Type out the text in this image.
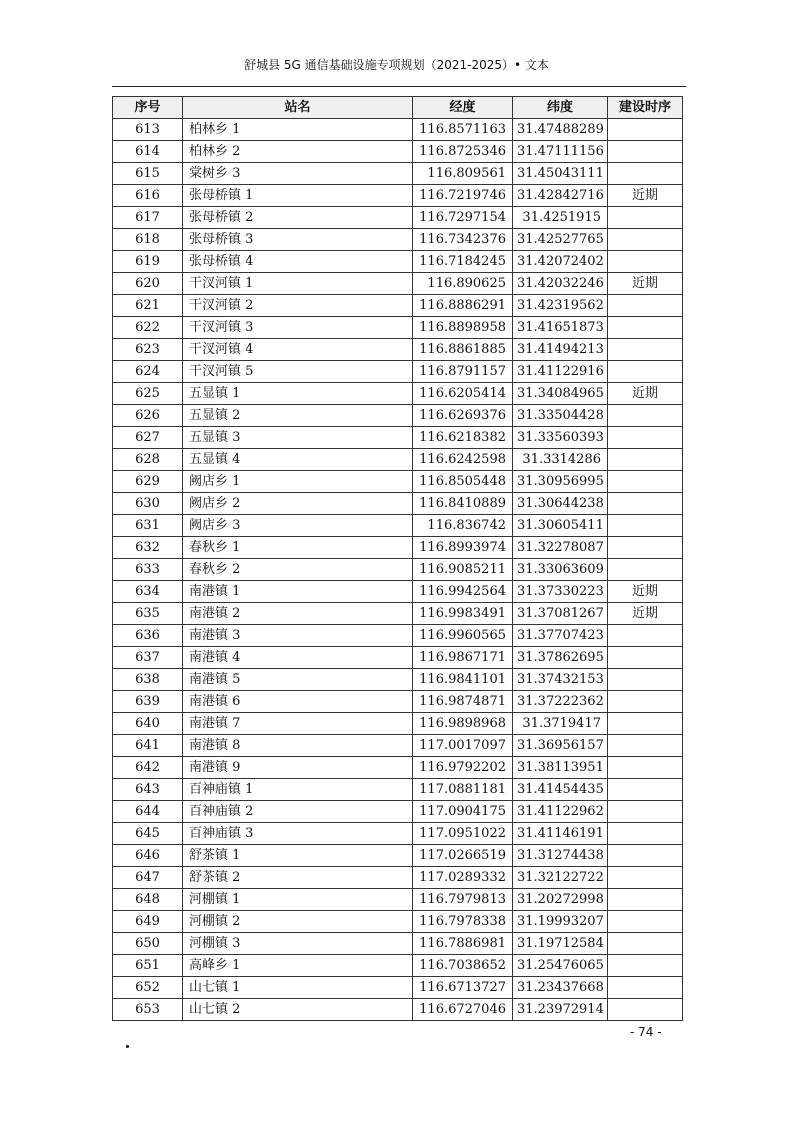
舒城县 5G 通信基础设施专项规划（2021-2025）• 文本
序号	站名	经度	纬度	建设时序
613	柏林乡 1	116.8571163	31.47488289	
614	柏林乡 2	116.8725346	31.47111156	
615	棠树乡 3	116.809561	31.45043111	
616	张母桥镇 1	116.7219746	31.42842716	近期
617	张母桥镇 2	116.7297154	31.4251915	
618	张母桥镇 3	116.7342376	31.42527765	
619	张母桥镇 4	116.7184245	31.42072402	
620	干汊河镇 1	116.890625	31.42032246	近期
621	干汊河镇 2	116.8886291	31.42319562	
622	干汊河镇 3	116.8898958	31.41651873	
623	干汊河镇 4	116.8861885	31.41494213	
624	干汊河镇 5	116.8791157	31.41122916	
625	五显镇 1	116.6205414	31.34084965	近期
626	五显镇 2	116.6269376	31.33504428	
627	五显镇 3	116.6218382	31.33560393	
628	五显镇 4	116.6242598	31.3314286	
629	阙店乡 1	116.8505448	31.30956995	
630	阙店乡 2	116.8410889	31.30644238	
631	阙店乡 3	116.836742	31.30605411	
632	春秋乡 1	116.8993974	31.32278087	
633	春秋乡 2	116.9085211	31.33063609	
634	南港镇 1	116.9942564	31.37330223	近期
635	南港镇 2	116.9983491	31.37081267	近期
636	南港镇 3	116.9960565	31.37707423	
637	南港镇 4	116.9867171	31.37862695	
638	南港镇 5	116.9841101	31.37432153	
639	南港镇 6	116.9874871	31.37222362	
640	南港镇 7	116.9898968	31.3719417	
641	南港镇 8	117.0017097	31.36956157	
642	南港镇 9	116.9792202	31.38113951	
643	百神庙镇 1	117.0881181	31.41454435	
644	百神庙镇 2	117.0904175	31.41122962	
645	百神庙镇 3	117.0951022	31.41146191	
646	舒茶镇 1	117.0266519	31.31274438	
647	舒茶镇 2	117.0289332	31.32122722	
648	河棚镇 1	116.7979813	31.20272998	
649	河棚镇 2	116.7978338	31.19993207	
650	河棚镇 3	116.7886981	31.19712584	
651	高峰乡 1	116.7038652	31.25476065	
652	山七镇 1	116.6713727	31.23437668	
653	山七镇 2	116.6727046	31.23972914	
- 74 -
